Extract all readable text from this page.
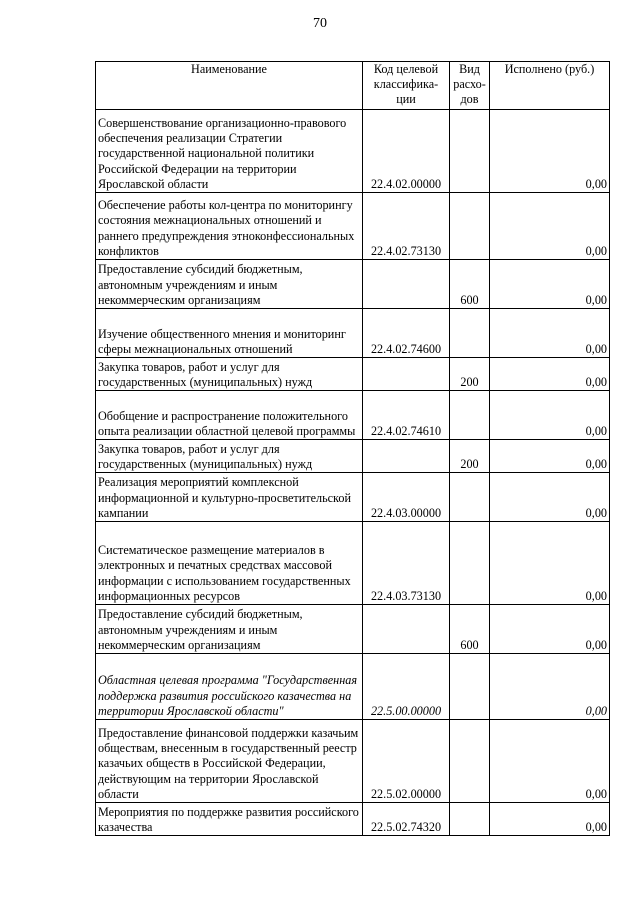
70
Наименование	Код целевой классифика-ции	Вид расхо-дов	Исполнено (руб.)
Совершенствование организационно-правового обеспечения реализации Стратегии государственной национальной политики Российской Федерации на территории Ярославской области	22.4.02.00000		0,00
Обеспечение работы кол-центра по мониторингу состояния межнациональных отношений и раннего предупреждения этноконфессиональных конфликтов	22.4.02.73130		0,00
Предоставление субсидий бюджетным, автономным учреждениям и иным некоммерческим организациям		600	0,00
Изучение общественного мнения и мониторинг сферы межнациональных отношений	22.4.02.74600		0,00
Закупка товаров, работ и услуг для государственных (муниципальных) нужд		200	0,00
Обобщение и распространение положительного опыта реализации областной целевой программы	22.4.02.74610		0,00
Закупка товаров, работ и услуг для государственных (муниципальных) нужд		200	0,00
Реализация мероприятий комплексной информационной и культурно-просветительской кампании	22.4.03.00000		0,00
Систематическое размещение материалов в электронных и печатных средствах массовой информации с использованием государственных информационных ресурсов	22.4.03.73130		0,00
Предоставление субсидий бюджетным, автономным учреждениям и иным некоммерческим организациям		600	0,00
Областная целевая программа "Государственная поддержка развития российского казачества на территории Ярославской области"	22.5.00.00000		0,00
Предоставление финансовой поддержки казачьим обществам, внесенным в государственный реестр казачьих обществ в Российской Федерации, действующим на территории Ярославской области	22.5.02.00000		0,00
Мероприятия по поддержке развития российского казачества	22.5.02.74320		0,00
